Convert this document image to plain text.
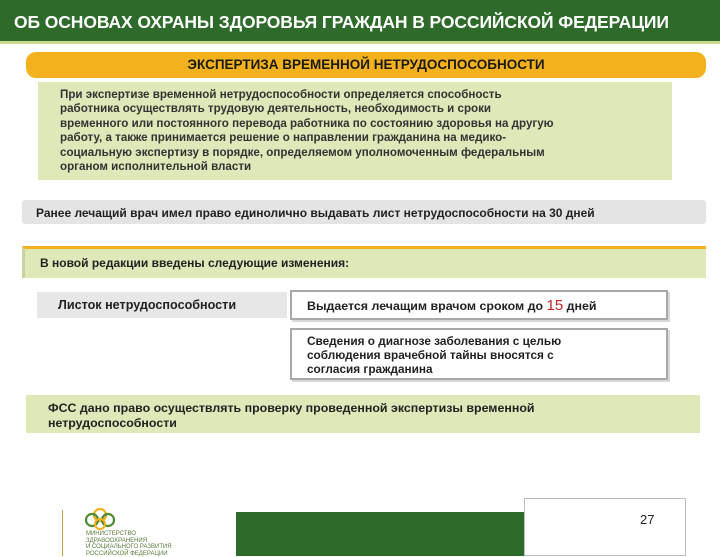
ОБ ОСНОВАХ ОХРАНЫ ЗДОРОВЬЯ ГРАЖДАН В РОССИЙСКОЙ ФЕДЕРАЦИИ
ЭКСПЕРТИЗА ВРЕМЕННОЙ НЕТРУДОСПОСОБНОСТИ
При экспертизе временной нетрудоспособности определяется способность
работника осуществлять трудовую деятельность, необходимость и сроки
временного или постоянного перевода работника по состоянию здоровья на другую
работу, а также принимается решение о направлении гражданина на медико-
социальную экспертизу в порядке, определяемом уполномоченным федеральным
органом исполнительной власти
Ранее лечащий врач имел право единолично выдавать лист нетрудоспособности на 30 дней
В новой редакции введены следующие изменения:
Листок нетрудоспособности	Выдается лечащим врачом сроком до 15 дней
Сведения о диагнозе заболевания с целью
соблюдения врачебной тайны вносятся с
согласия гражданина
ФСС дано право осуществлять проверку проведенной экспертизы временной
нетрудоспособности
МИНИСТЕРСТВО
ЗДРАВООХРАНЕНИЯ
И СОЦИАЛЬНОГО РАЗВИТИЯ
РОССИЙСКОЙ ФЕДЕРАЦИИ
27
